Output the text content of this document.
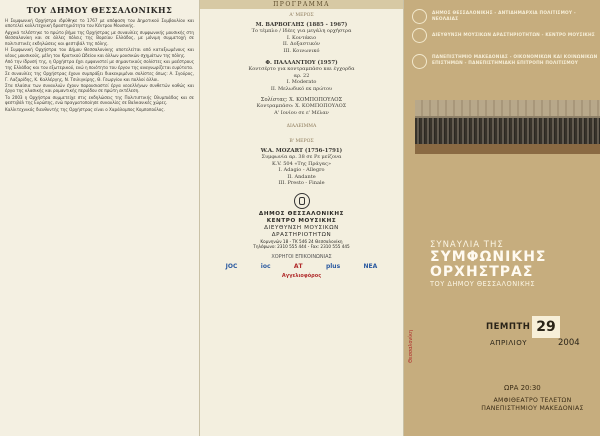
ΤΟΥ ΔΗΜΟΥ ΘΕΣΣΑΛΟΝΙΚΗΣ

Η Συμφωνική Ορχήστρα ιδρύθηκε το 1767 με απόφαση του Δημοτικού Συμβουλίου και αποτελεί καλλιτεχνική δραστηριότητα του Κέντρου Μουσικής.

Αρχικά τελέστηκε το πρώτο βήμα της Ορχήστρας με συναυλίες συμφωνικής μουσικής στη Θεσσαλονίκη και σε άλλες πόλεις της Βορείου Ελλάδος, με μόνιμη συμμετοχή σε πολιτιστικές εκδηλώσεις και φεστιβάλ της πόλης.

Η Συμφωνική Ορχήστρα του Δήμου Θεσσαλονίκης αποτελείται από καταξιωμένους και νέους μουσικούς, μέλη του Κρατικού Ωδείου και άλλων μουσικών σχημάτων της πόλης.

Από την ίδρυσή της, η Ορχήστρα έχει εμφανιστεί με σημαντικούς σολίστες και μαέστρους της Ελλάδας και του εξωτερικού, ενώ η ποιότητα του έργου της αναγνωρίζεται ευρύτατα.

Σε συναυλίες της Ορχήστρας έχουν συμπράξει διακεκριμένοι σολίστες όπως: Α. Σγούρος, Γ. Λαζαρίδης, Κ. Καλλέργης, Ν. Τσιλιγκίρης, Θ. Γεωργίου και πολλοί άλλοι.

Στα πλαίσια των συναυλιών έχουν παρουσιαστεί έργα νεοελλήνων συνθετών καθώς και έργα της κλασικής και ρομαντικής περιόδου σε πρώτη εκτέλεση.

Το 2003 η Ορχήστρα συμμετείχε στις εκδηλώσεις της Πολιτιστικής Ολυμπιάδας και σε φεστιβάλ της Ευρώπης, ενώ πραγματοποίησε συναυλίες σε Βαλκανικές χώρες.

Καλλιτεχνικός διευθυντής της Ορχήστρας είναι ο Χαράλαμπος Κομποπούλος.

ΠΡΟΓΡΑΜΜΑ
Α' ΜΕΡΟΣ
Μ. ΒΑΡΒΟΓΛΗΣ (1885 - 1967)
Το τέμπλο / Ιδέες για μεγάλη ορχήστρα
Ι. Κοντάκιο
ΙΙ. Δοξαστικόν
ΙΙΙ. Κοινωνικό
Φ. ΠΑΛΛΑΝΤΙΟΥ (1957)
Κοντσέρτο για κοντραμπάσο και έγχορδα
αρ. 22
Ι. Moderato
ΙΙ. Μελωδικό εκ πρώτου
Σολίστας: Χ. ΚΟΜΠΟΠΟΥΛΟΣ
Κοντραμπάσο: Χ. ΚΟΜΠΟΠΟΥΛΟΣ
Α' Ιονίου σε ε' Μέλαν
ΔΙΑΛΕΙΜΜΑ
Β' ΜΕΡΟΣ
W.A. MOZART (1756-1791)
Συμφωνία αρ. 38 σε Ρε μείζονα
Κ.V. 504 «Της Πράγας»
Ι. Adagio - Allegro
ΙΙ. Andante
ΙΙΙ. Presto - Finale
ΔΗΜΟΣ ΘΕΣΣΑΛΟΝΙΚΗΣ
ΚΕΝΤΡΟ ΜΟΥΣΙΚΗΣ
ΔΙΕΥΘΥΝΣΗ ΜΟΥΣΙΚΩΝ
ΔΡΑΣΤΗΡΙΟΤΗΤΩΝ
Κομνηνών 18 - ΤΚ 546 24 Θεσσαλονίκη
Τηλέφωνο: 2310 555 444 - Fax: 2310 555 445
ΧΟΡΗΓΟΙ ΕΠΙΚΟΙΝΩΝΙΑΣ
JOC	ioc	ΑΤ	plus	NEA
Αγγελιοφόρος
ΔΗΜΟΣ ΘΕΣΣΑΛΟΝΙΚΗΣ - ΑΝΤΙΔΗΜΑΡΧΙΑ ΠΟΛΙΤΙΣΜΟΥ - ΝΕΟΛΑΙΑΣ
ΔΙΕΥΘΥΝΣΗ ΜΟΥΣΙΚΩΝ ΔΡΑΣΤΗΡΙΟΤΗΤΩΝ - ΚΕΝΤΡΟ ΜΟΥΣΙΚΗΣ
ΠΑΝΕΠΙΣΤΗΜΙΟ ΜΑΚΕΔΟΝΙΑΣ - ΟΙΚΟΝΟΜΙΚΩΝ ΚΑΙ ΚΟΙΝΩΝΙΚΩΝ ΕΠΙΣΤΗΜΩΝ - ΠΑΝΕΠΙΣΤΗΜΙΑΚΗ ΕΠΙΤΡΟΠΗ ΠΟΛΙΤΙΣΜΟΥ
ΣΥΝΑΥΛΙΑ ΤΗΣ
ΣΥΜΦΩΝΙΚΗΣ
ΟΡΧΗΣΤΡΑΣ
ΤΟΥ ΔΗΜΟΥ ΘΕΣΣΑΛΟΝΙΚΗΣ
ΠΕΜΠΤΗ 29
ΑΠΡΙΛΙΟΥ	2004
Θεσσαλονίκη
ΩΡΑ 20:30
ΑΜΦΙΘΕΑΤΡΟ ΤΕΛΕΤΩΝ
ΠΑΝΕΠΙΣΤΗΜΙΟΥ ΜΑΚΕΔΟΝΙΑΣ
